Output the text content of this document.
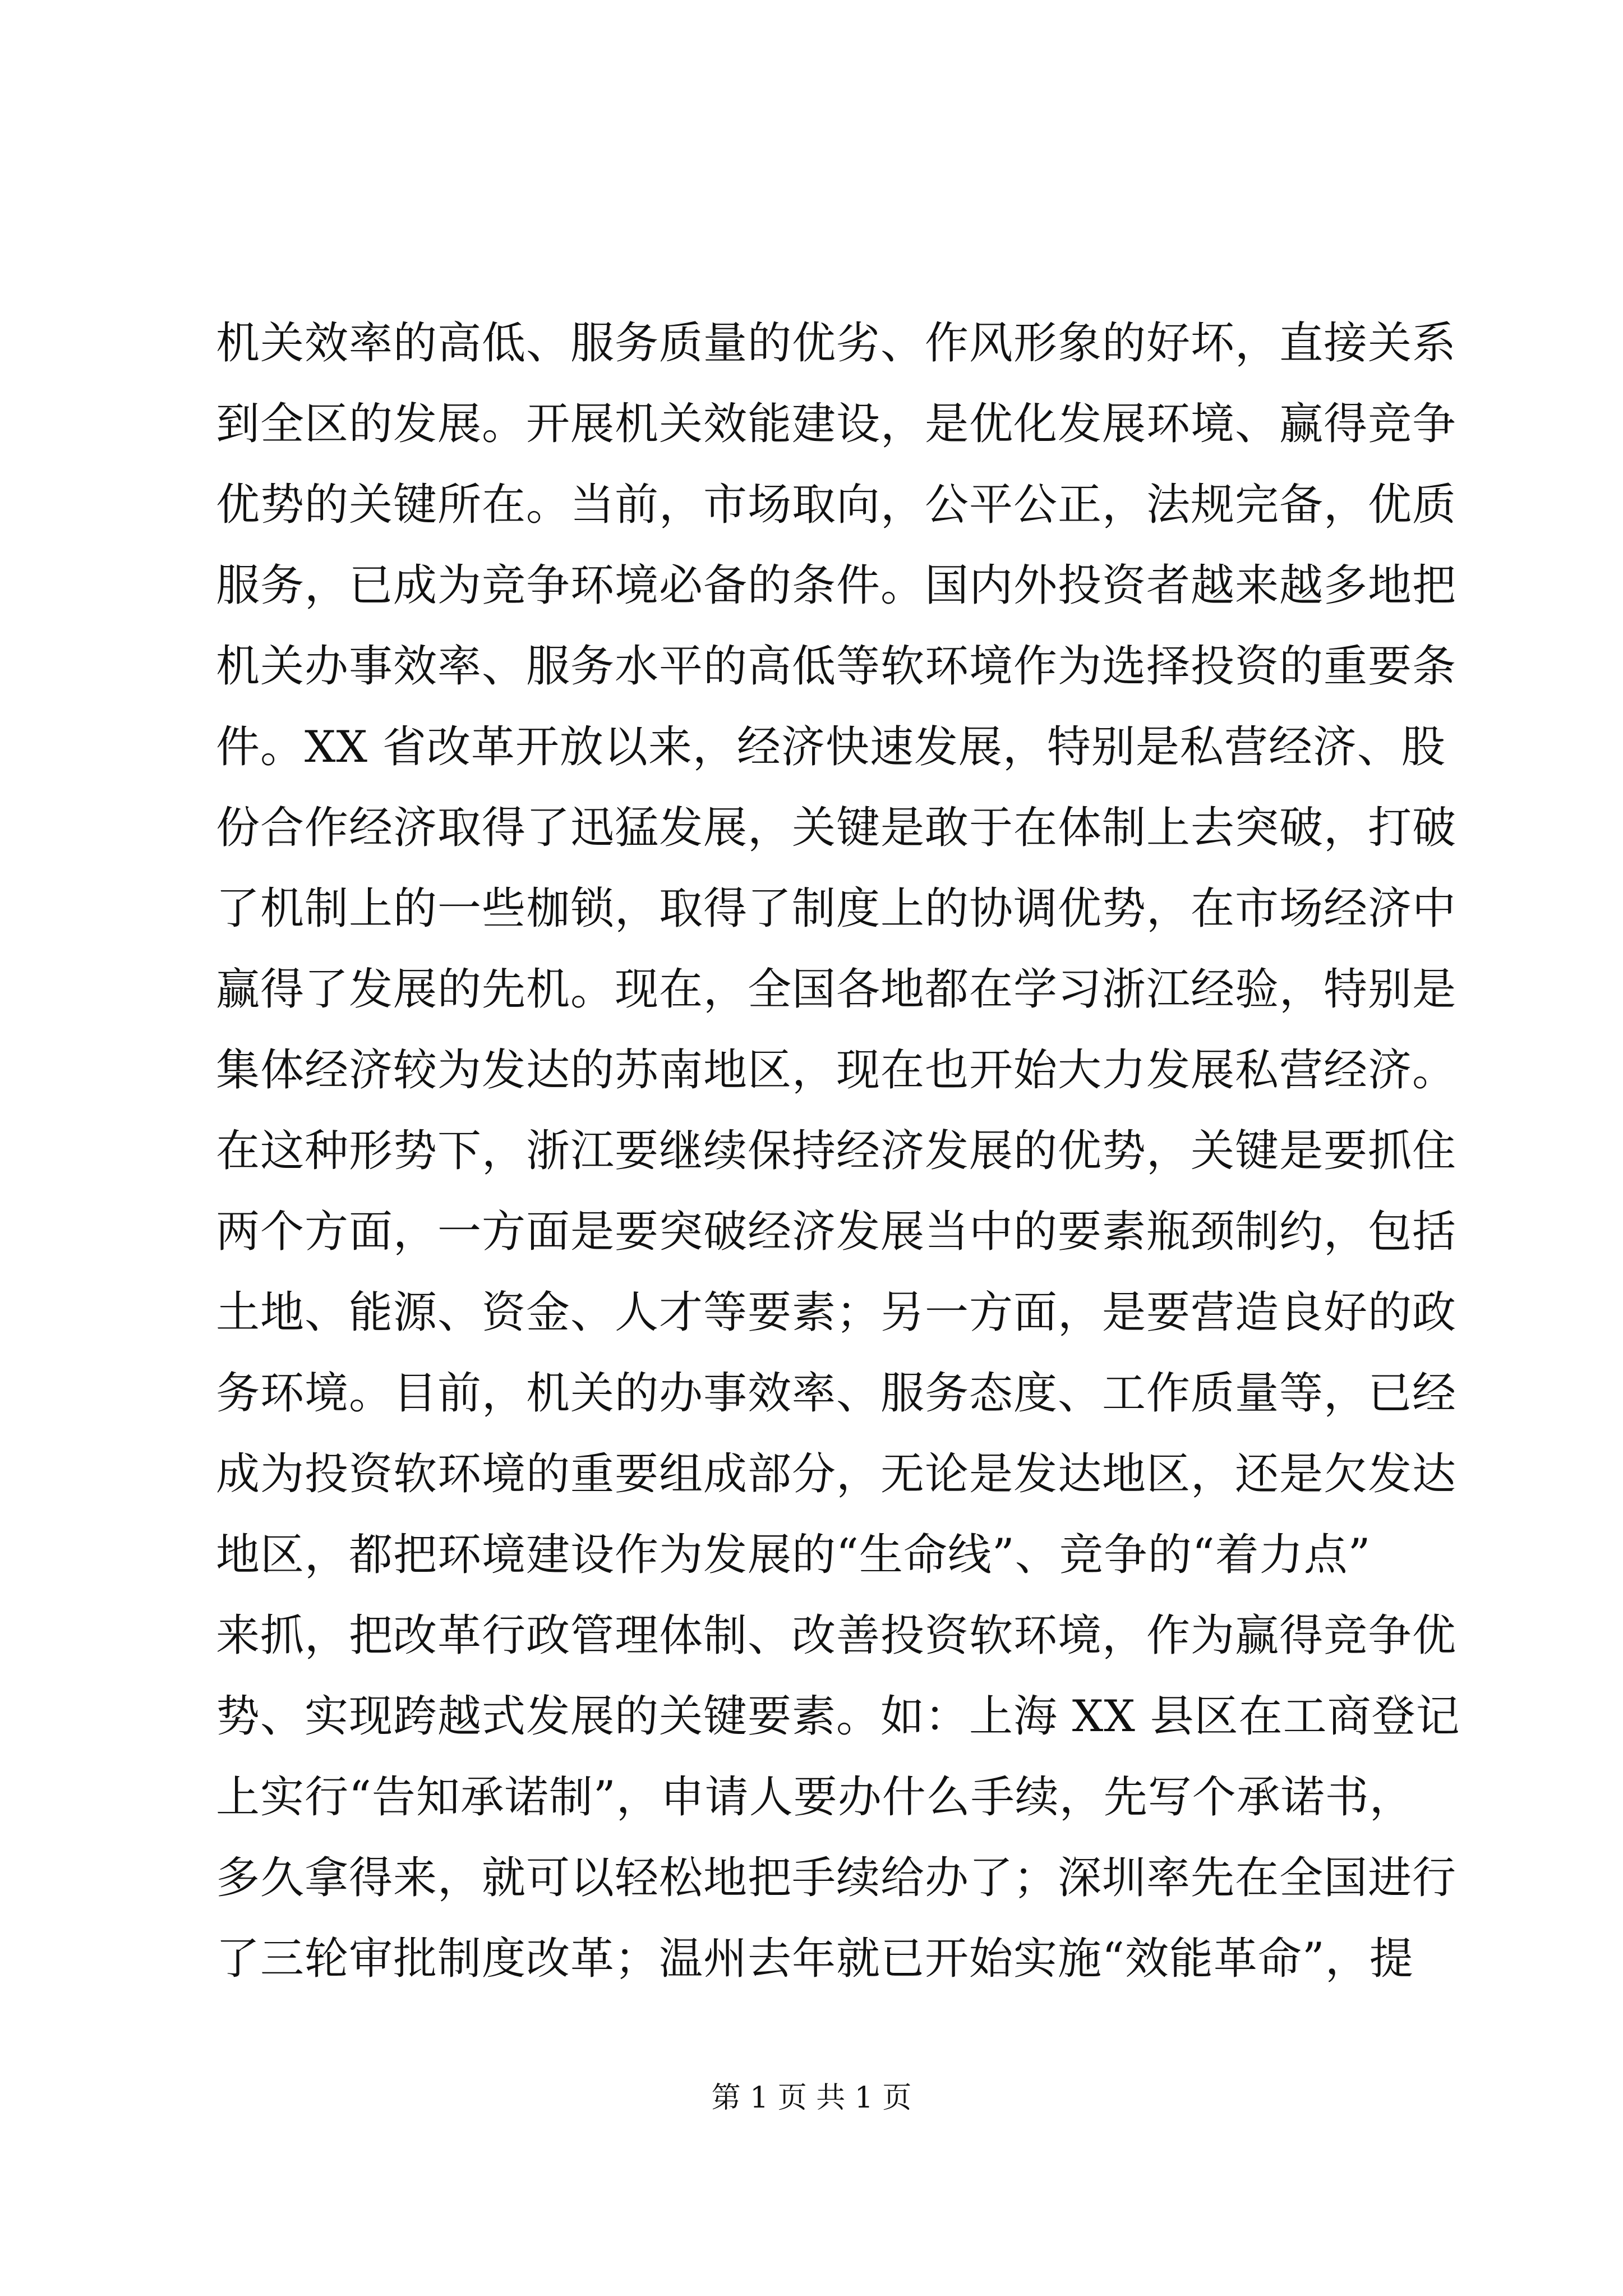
机关效率的高低、服务质量的优劣、作风形象的好坏，直接关系
到全区的发展。开展机关效能建设，是优化发展环境、赢得竞争
优势的关键所在。当前，市场取向，公平公正，法规完备，优质
服务，已成为竞争环境必备的条件。国内外投资者越来越多地把
机关办事效率、服务水平的高低等软环境作为选择投资的重要条
件。XX 省改革开放以来，经济快速发展，特别是私营经济、股
份合作经济取得了迅猛发展，关键是敢于在体制上去突破，打破
了机制上的一些枷锁，取得了制度上的协调优势，在市场经济中
赢得了发展的先机。现在，全国各地都在学习浙江经验，特别是
集体经济较为发达的苏南地区，现在也开始大力发展私营经济。
在这种形势下，浙江要继续保持经济发展的优势，关键是要抓住
两个方面，一方面是要突破经济发展当中的要素瓶颈制约，包括
土地、能源、资金、人才等要素；另一方面，是要营造良好的政
务环境。目前，机关的办事效率、服务态度、工作质量等，已经
成为投资软环境的重要组成部分，无论是发达地区，还是欠发达
地区，都把环境建设作为发展的“生命线”、竞争的“着力点”
来抓，把改革行政管理体制、改善投资软环境，作为赢得竞争优
势、实现跨越式发展的关键要素。如：上海 XX 县区在工商登记
上实行“告知承诺制”，申请人要办什么手续，先写个承诺书，
多久拿得来，就可以轻松地把手续给办了；深圳率先在全国进行
了三轮审批制度改革；温州去年就已开始实施“效能革命”，提
第 1 页 共 1 页
